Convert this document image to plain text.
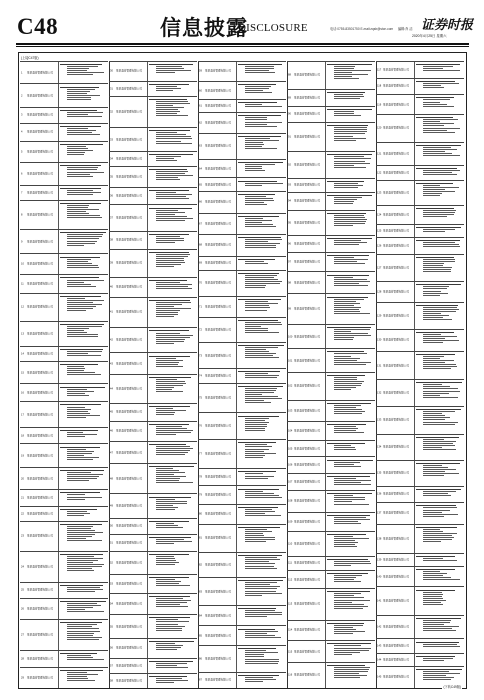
C48	信息披露
DISCLOSURE	电话:0755-83501750 E-mail:zqsb@stcn.com 编辑:肖 洁 证券时报
2020年4月25日 星期六
(上接C47版)
(下转C49版)
1 某某基金管理有限公司
2 某某基金管理有限公司
3 某某基金管理有限公司
4 某某基金管理有限公司
5 某某基金管理有限公司
6 某某基金管理有限公司
7 某某基金管理有限公司
8 某某基金管理有限公司
9 某某基金管理有限公司
10 某某基金管理有限公司
11 某某基金管理有限公司
12 某某基金管理有限公司
13 某某基金管理有限公司
14 某某基金管理有限公司
15 某某基金管理有限公司
16 某某基金管理有限公司
17 某某基金管理有限公司
18 某某基金管理有限公司
19 某某基金管理有限公司
20 某某基金管理有限公司
21 某某基金管理有限公司
22 某某基金管理有限公司
23 某某基金管理有限公司
24 某某基金管理有限公司
25 某某基金管理有限公司
26 某某基金管理有限公司
27 某某基金管理有限公司
28 某某基金管理有限公司
29 某某基金管理有限公司
30 某某基金管理有限公司
31 某某基金管理有限公司
32 某某基金管理有限公司
33 某某基金管理有限公司
34 某某基金管理有限公司
35 某某基金管理有限公司
36 某某基金管理有限公司
37 某某基金管理有限公司
38 某某基金管理有限公司
39 某某基金管理有限公司
40 某某基金管理有限公司
41 某某基金管理有限公司
42 某某基金管理有限公司
43 某某基金管理有限公司
44 某某基金管理有限公司
45 某某基金管理有限公司
46 某某基金管理有限公司
47 某某基金管理有限公司
48 某某基金管理有限公司
49 某某基金管理有限公司
50 某某基金管理有限公司
51 某某基金管理有限公司
52 某某基金管理有限公司
53 某某基金管理有限公司
54 某某基金管理有限公司
55 某某基金管理有限公司
56 某某基金管理有限公司
57 某某基金管理有限公司
58 某某基金管理有限公司
59 某某基金管理有限公司
60 某某基金管理有限公司
61 某某基金管理有限公司
62 某某基金管理有限公司
63 某某基金管理有限公司
64 某某基金管理有限公司
65 某某基金管理有限公司
66 某某基金管理有限公司
67 某某基金管理有限公司
68 某某基金管理有限公司
69 某某基金管理有限公司
70 某某基金管理有限公司
71 某某基金管理有限公司
72 某某基金管理有限公司
73 某某基金管理有限公司
74 某某基金管理有限公司
75 某某基金管理有限公司
76 某某基金管理有限公司
77 某某基金管理有限公司
78 某某基金管理有限公司
79 某某基金管理有限公司
80 某某基金管理有限公司
81 某某基金管理有限公司
82 某某基金管理有限公司
83 某某基金管理有限公司
84 某某基金管理有限公司
85 某某基金管理有限公司
86 某某基金管理有限公司
87 某某基金管理有限公司
88 某某基金管理有限公司
89 某某基金管理有限公司
90 某某基金管理有限公司
91 某某基金管理有限公司
92 某某基金管理有限公司
93 某某基金管理有限公司
94 某某基金管理有限公司
95 某某基金管理有限公司
96 某某基金管理有限公司
97 某某基金管理有限公司
98 某某基金管理有限公司
99 某某基金管理有限公司
100 某某基金管理有限公司
101 某某基金管理有限公司
102 某某基金管理有限公司
103 某某基金管理有限公司
104 某某基金管理有限公司
105 某某基金管理有限公司
106 某某基金管理有限公司
107 某某基金管理有限公司
108 某某基金管理有限公司
109 某某基金管理有限公司
110 某某基金管理有限公司
111 某某基金管理有限公司
112 某某基金管理有限公司
113 某某基金管理有限公司
114 某某基金管理有限公司
115 某某基金管理有限公司
116 某某基金管理有限公司
117 某某基金管理有限公司
118 某某基金管理有限公司
119 某某基金管理有限公司
120 某某基金管理有限公司
121 某某基金管理有限公司
122 某某基金管理有限公司
123 某某基金管理有限公司
124 某某基金管理有限公司
125 某某基金管理有限公司
126 某某基金管理有限公司
127 某某基金管理有限公司
128 某某基金管理有限公司
129 某某基金管理有限公司
130 某某基金管理有限公司
131 某某基金管理有限公司
132 某某基金管理有限公司
133 某某基金管理有限公司
134 某某基金管理有限公司
135 某某基金管理有限公司
136 某某基金管理有限公司
137 某某基金管理有限公司
138 某某基金管理有限公司
139 某某基金管理有限公司
140 某某基金管理有限公司
141 某某基金管理有限公司
142 某某基金管理有限公司
143 某某基金管理有限公司
144 某某基金管理有限公司
145 某某基金管理有限公司
